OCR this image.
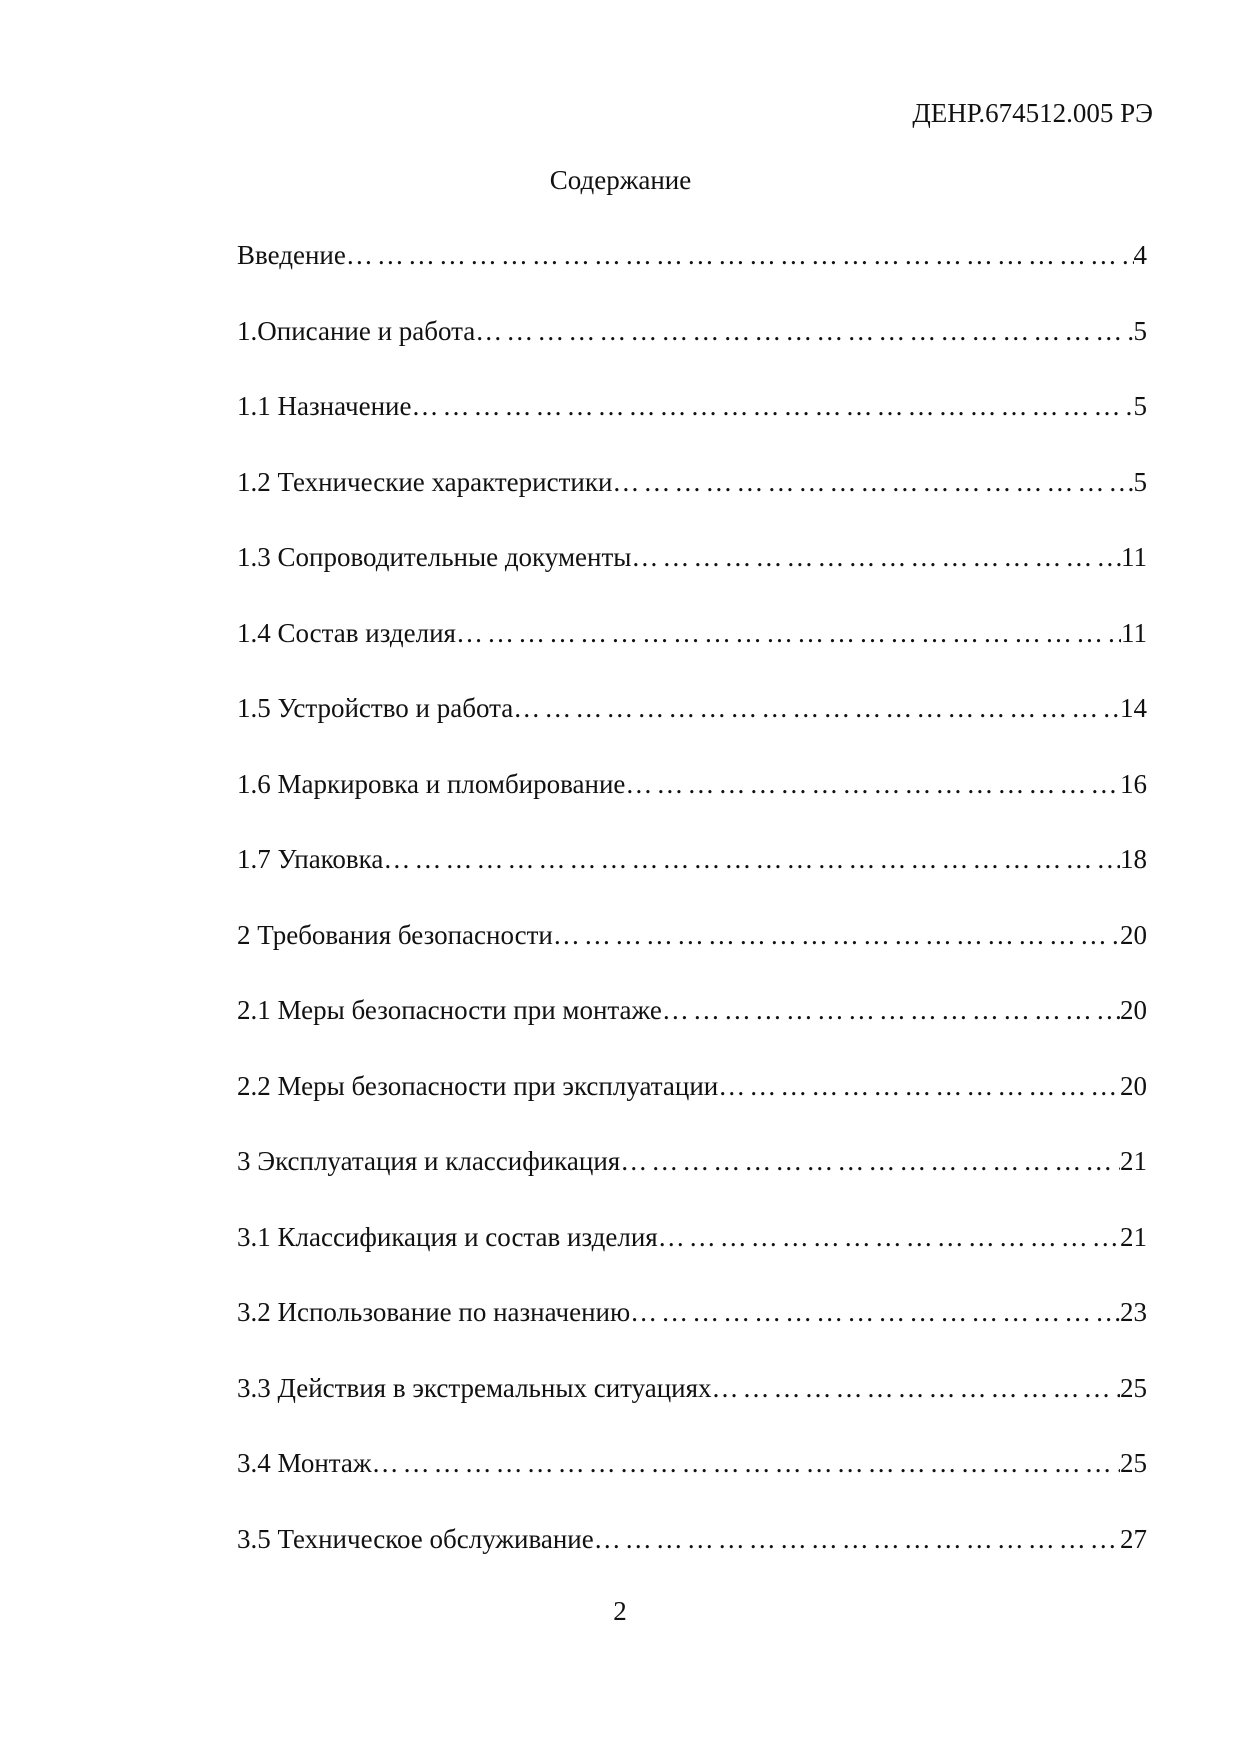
ДЕНР.674512.005 РЭ
Содержание
Введение ……………………………………………………………………………………………………………………………………………………………	4
1.Описание и работа ……………………………………………………………………………………………………………………………………………………………	5
1.1 Назначение ……………………………………………………………………………………………………………………………………………………………	5
1.2 Технические характеристики ……………………………………………………………………………………………………………………………………………………………	5
1.3 Сопроводительные документы ……………………………………………………………………………………………………………………………………………………………	11
1.4 Состав изделия ……………………………………………………………………………………………………………………………………………………………	11
1.5 Устройство и работа ……………………………………………………………………………………………………………………………………………………………	14
1.6 Маркировка и пломбирование ……………………………………………………………………………………………………………………………………………………………	16
1.7 Упаковка ……………………………………………………………………………………………………………………………………………………………	18
2 Требования безопасности ……………………………………………………………………………………………………………………………………………………………	20
2.1 Меры безопасности при монтаже ……………………………………………………………………………………………………………………………………………………………	20
2.2 Меры безопасности при эксплуатации ……………………………………………………………………………………………………………………………………………………………	20
3 Эксплуатация и классификация ……………………………………………………………………………………………………………………………………………………………	21
3.1 Классификация и состав изделия ……………………………………………………………………………………………………………………………………………………………	21
3.2 Использование по назначению ……………………………………………………………………………………………………………………………………………………………	23
3.3 Действия в экстремальных ситуациях ……………………………………………………………………………………………………………………………………………………………	25
3.4 Монтаж ……………………………………………………………………………………………………………………………………………………………	25
3.5 Техническое обслуживание ……………………………………………………………………………………………………………………………………………………………	27
2
